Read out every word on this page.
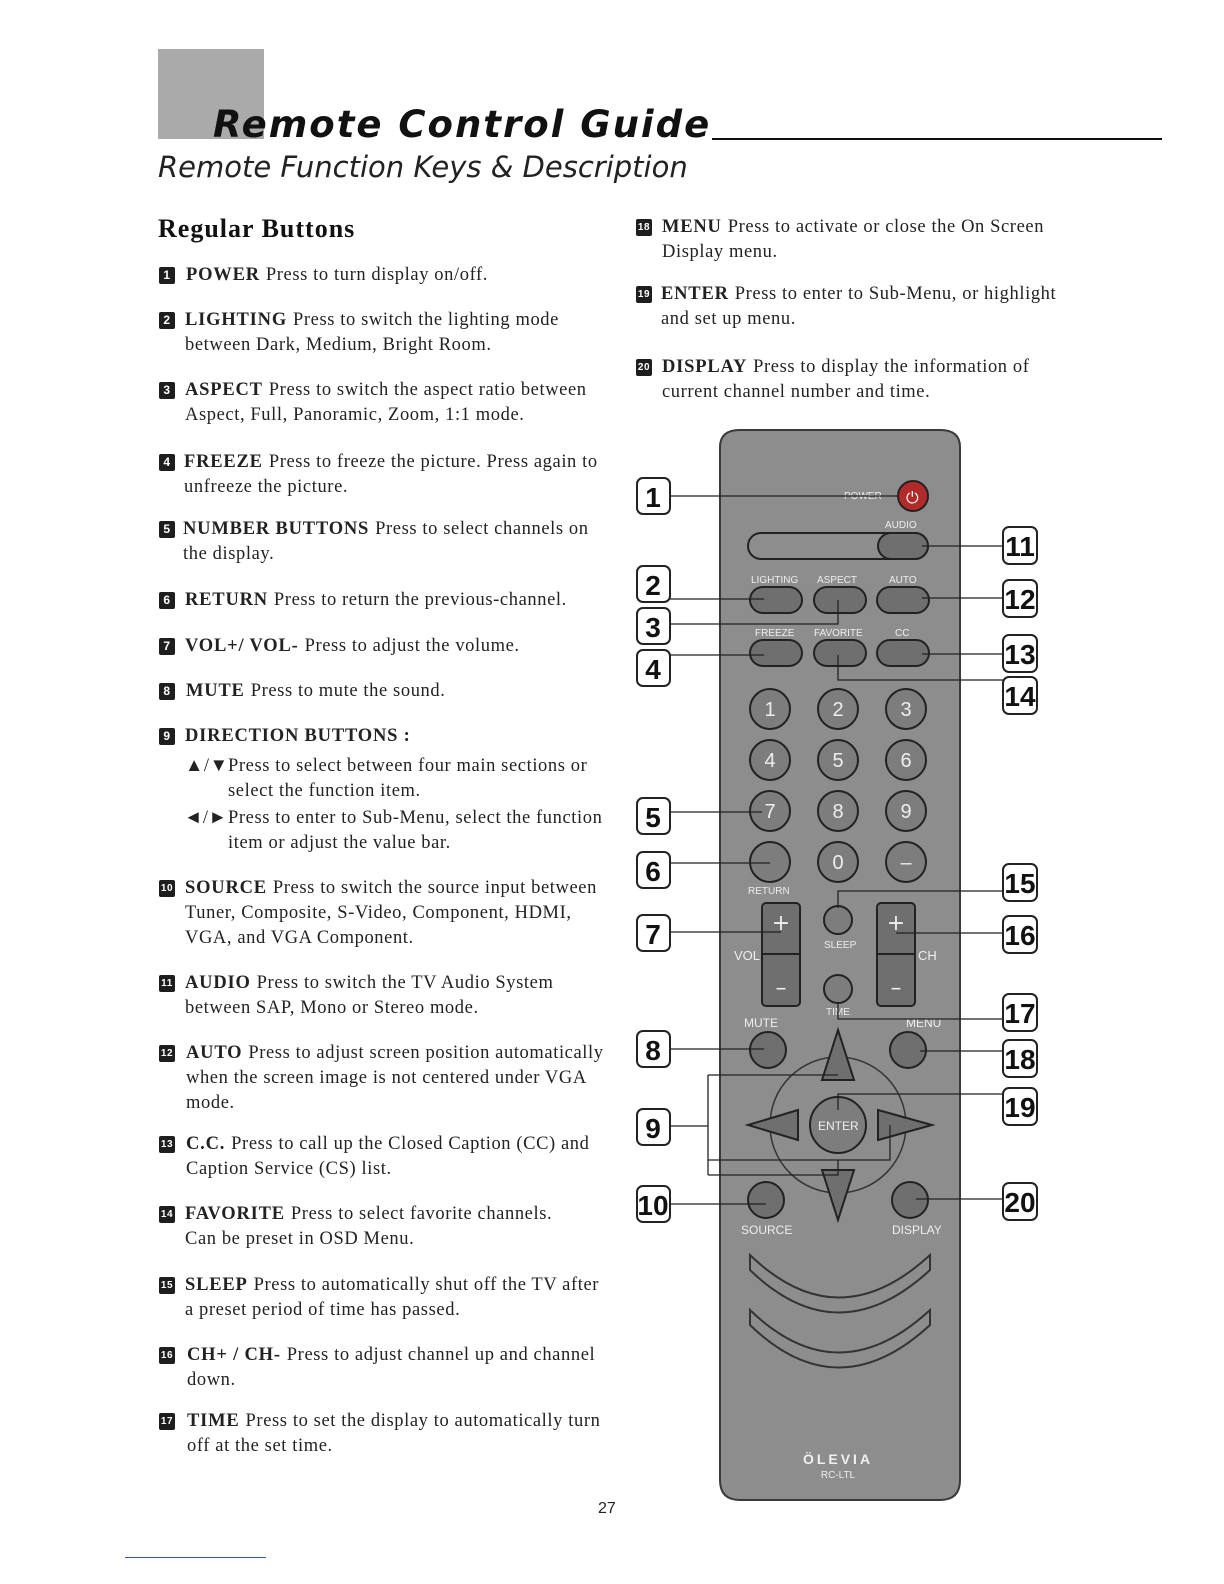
Remote Control Guide
Remote Function Keys & Description
Regular Buttons
1 POWER Press to turn display on/off.
2 LIGHTING Press to switch the lighting mode
between Dark, Medium, Bright Room.
3 ASPECT Press to switch the aspect ratio between
Aspect, Full, Panoramic, Zoom, 1:1 mode.
4 FREEZE Press to freeze the picture. Press again to
unfreeze the picture.
5 NUMBER BUTTONS Press to select channels on
the display.
6 RETURN Press to return the previous-channel.
7 VOL+/ VOL- Press to adjust the volume.
8 MUTE Press to mute the sound.
9 DIRECTION BUTTONS :
▲/▼ Press to select between four main sections or
select the function item.
◄/► Press to enter to Sub-Menu, select the function
item or adjust the value bar.
10 SOURCE Press to switch the source input between
Tuner, Composite, S-Video, Component, HDMI,
VGA, and VGA Component.
11 AUDIO Press to switch the TV Audio System
between SAP, Mono or Stereo mode.
12 AUTO Press to adjust screen position automatically
when the screen image is not centered under VGA
mode.
13 C.C. Press to call up the Closed Caption (CC) and
Caption Service (CS) list.
14 FAVORITE Press to select favorite channels.
Can be preset in OSD Menu.
15 SLEEP Press to automatically shut off the TV after
a preset period of time has passed.
16 CH+ / CH- Press to adjust channel up and channel
down.
17 TIME Press to set the display to automatically turn
off at the set time.
18 MENU Press to activate or close the On Screen
Display menu.
19 ENTER Press to enter to Sub-Menu, or highlight
and set up menu.
20 DISPLAY Press to display the information of
current channel number and time.
POWER ⏻
AUDIO
LIGHTING ASPECT	AUTO
FREEZE FAVORITE	CC
1	2	3
4	5	6
7	8	9
0	–
RETURN
+
–
VOL
+
–
CH
SLEEP
TIME
MUTE	MENU
ENTER
SOURCE	DISPLAY
ÖLEVIA
RC-LTL
1
2
3
4
5
6
7
8
9
10
11
12
13
14
15
16
17
18
19
20
27
